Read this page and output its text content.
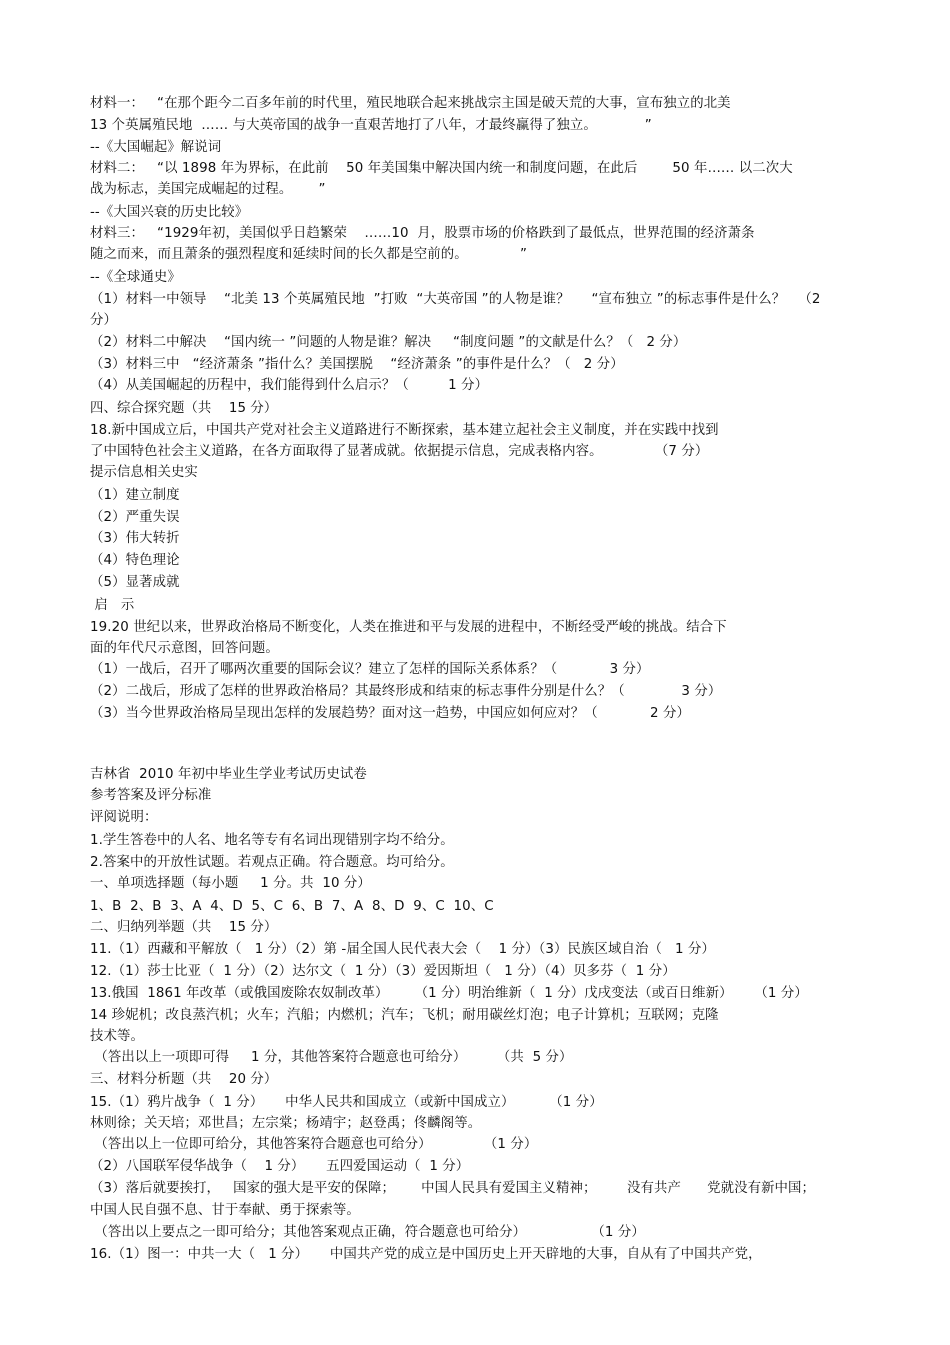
材料一：   “在那个距今二百多年前的时代里，殖民地联合起来挑战宗主国是破天荒的大事，宣布独立的北美
13 个英属殖民地  …… 与大英帝国的战争一直艰苦地打了八年，才最终赢得了独立。           ”
--《大国崛起》解说词
材料二：   “以 1898 年为界标，在此前    50 年美国集中解决国内统一和制度问题，在此后        50 年…… 以二次大
战为标志，美国完成崛起的过程。      ”
--《大国兴衰的历史比较》
材料三：   “1929年初，美国似乎日趋繁荣    ……10  月，股票市场的价格跌到了最低点，世界范围的经济萧条
随之而来，而且萧条的强烈程度和延续时间的长久都是空前的。            ”
--《全球通史》
（1）材料一中领导    “北美 13 个英属殖民地  ”打败  “大英帝国 ”的人物是谁？     “宣布独立 ”的标志事件是什么？   （2
分）
（2）材料二中解决    “国内统一 ”问题的人物是谁？解决     “制度问题 ”的文献是什么？（   2 分）
（3）材料三中   “经济萧条 ”指什么？美国摆脱    “经济萧条 ”的事件是什么？（   2 分）
（4）从美国崛起的历程中，我们能得到什么启示？（         1 分）
四、综合探究题（共    15 分）
18.新中国成立后，中国共产党对社会主义道路进行不断探索，基本建立起社会主义制度，并在实践中找到
了中国特色社会主义道路，在各方面取得了显著成就。依据提示信息，完成表格内容。            （7 分）
提示信息相关史实
（1）建立制度
（2）严重失误
（3）伟大转折
（4）特色理论
（5）显著成就
启   示
19.20 世纪以来，世界政治格局不断变化，人类在推进和平与发展的进程中，不断经受严峻的挑战。结合下
面的年代尺示意图，回答问题。
（1）一战后，召开了哪两次重要的国际会议？建立了怎样的国际关系体系？（            3 分）
（2）二战后，形成了怎样的世界政治格局？其最终形成和结束的标志事件分别是什么？（             3 分）
（3）当今世界政治格局呈现出怎样的发展趋势？面对这一趋势，中国应如何应对？（            2 分）
吉林省  2010 年初中毕业生学业考试历史试卷
参考答案及评分标准
评阅说明：
1.学生答卷中的人名、地名等专有名词出现错别字均不给分。
2.答案中的开放性试题。若观点正确。符合题意。均可给分。
一、单项选择题（每小题     1 分。共  10 分）
1、B  2、B  3、A  4、D  5、C  6、B  7、A  8、D  9、C  10、C
二、归纳列举题（共    15 分）
11.（1）西藏和平解放（   1 分）（2）第 -届全国人民代表大会（    1 分）（3）民族区域自治（   1 分）
12.（1）莎士比亚（  1 分）（2）达尔文（  1 分）（3）爱因斯坦（   1 分）（4）贝多芬（  1 分）
13.俄国  1861 年改革（或俄国废除农奴制改革）      （1 分）明治维新（  1 分）戊戌变法（或百日维新）     （1 分）
14 珍妮机；改良蒸汽机；火车；汽船；内燃机；汽车；飞机；耐用碳丝灯泡；电子计算机；互联网；克隆
技术等。
（答出以上一项即可得     1 分，其他答案符合题意也可给分）       （共  5 分）
三、材料分析题（共    20 分）
15.（1）鸦片战争（  1 分）     中华人民共和国成立（或新中国成立）        （1 分）
林则徐；关天培；邓世昌；左宗棠；杨靖宇；赵登禹；佟麟阁等。
（答出以上一位即可给分，其他答案符合题意也可给分）            （1 分）
（2）八国联军侵华战争（    1 分）     五四爱国运动（  1 分）
（3）落后就要挨打，   国家的强大是平安的保障；      中国人民具有爱国主义精神；       没有共产      党就没有新中国；
中国人民自强不息、甘于奉献、勇于探索等。
（答出以上要点之一即可给分；其他答案观点正确，符合题意也可给分）               （1 分）
16.（1）图一：中共一大（   1 分）     中国共产党的成立是中国历史上开天辟地的大事，自从有了中国共产党，
